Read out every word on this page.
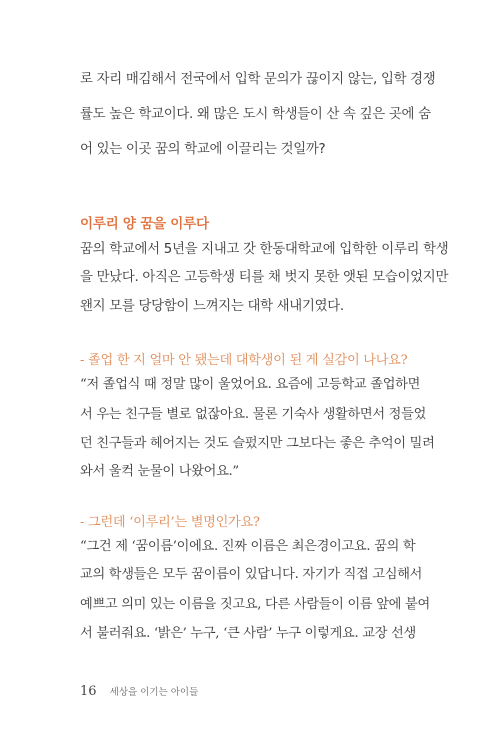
로 자리 매김해서 전국에서 입학 문의가 끊이지 않는, 입학 경쟁
률도 높은 학교이다. 왜 많은 도시 학생들이 산 속 깊은 곳에 숨
어 있는 이곳 꿈의 학교에 이끌리는 것일까?
이루리 양 꿈을 이루다
꿈의 학교에서 5년을 지내고 갓 한동대학교에 입학한 이루리 학생
을 만났다. 아직은 고등학생 티를 채 벗지 못한 앳된 모습이었지만
왠지 모를 당당함이 느껴지는 대학 새내기였다.
- 졸업 한 지 얼마 안 됐는데 대학생이 된 게 실감이 나나요?
“저 졸업식 때 정말 많이 울었어요. 요즘에 고등학교 졸업하면
서 우는 친구들 별로 없잖아요. 물론 기숙사 생활하면서 정들었
던 친구들과 헤어지는 것도 슬펐지만 그보다는 좋은 추억이 밀려
와서 울컥 눈물이 나왔어요.”
- 그런데 ‘이루리’는 별명인가요?
“그건 제 ‘꿈이름’이에요. 진짜 이름은 최은경이고요. 꿈의 학
교의 학생들은 모두 꿈이름이 있답니다. 자기가 직접 고심해서
예쁘고 의미 있는 이름을 짓고요, 다른 사람들이 이름 앞에 붙여
서 불러줘요. ‘밝은’ 누구, ‘큰 사람’ 누구 이렇게요. 교장 선생
16 세상을 이기는 아이들
